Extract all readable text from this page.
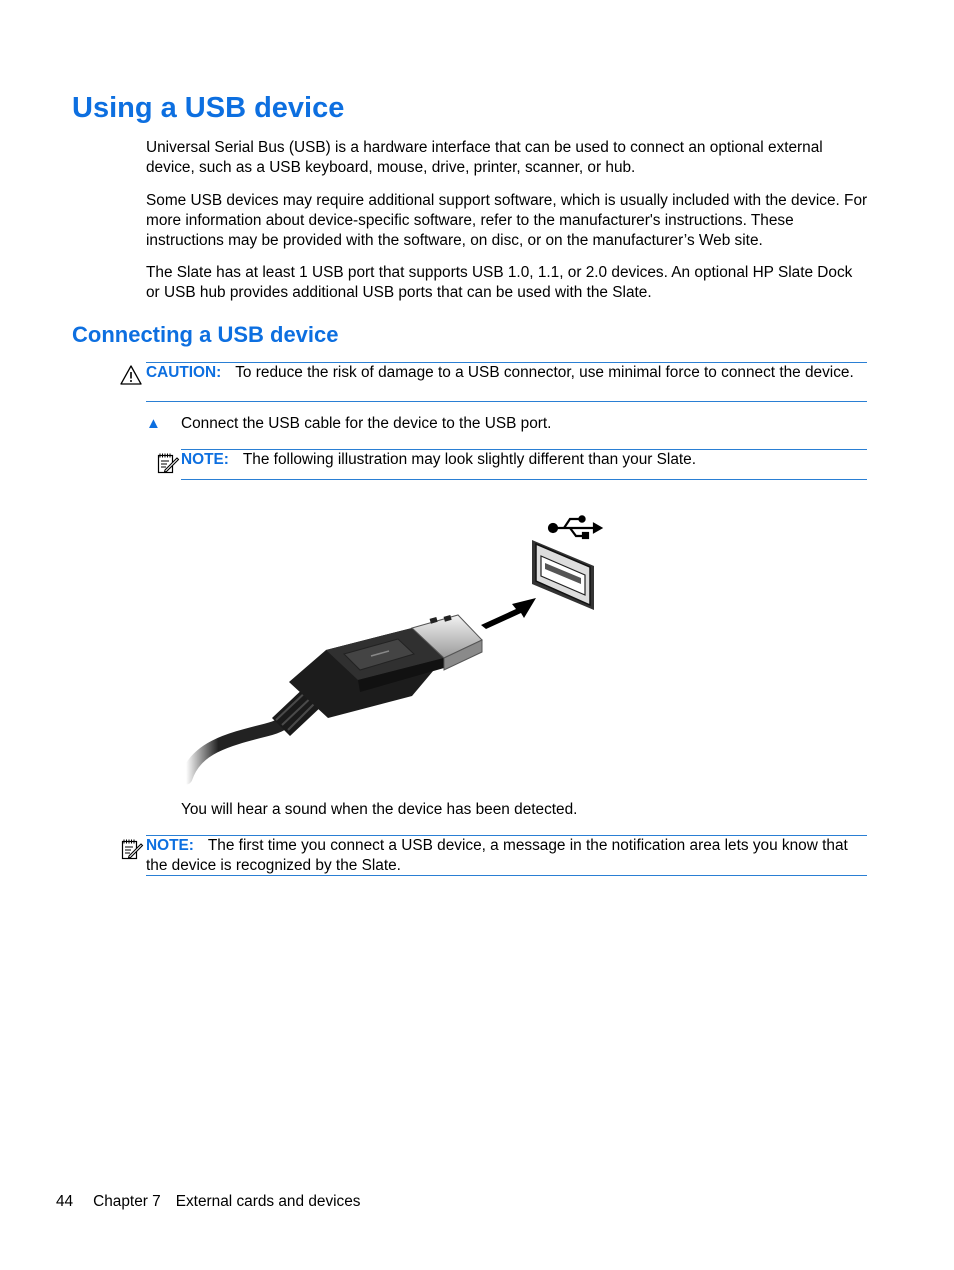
Using a USB device

Universal Serial Bus (USB) is a hardware interface that can be used to connect an optional external device, such as a USB keyboard, mouse, drive, printer, scanner, or hub.

Some USB devices may require additional support software, which is usually included with the device. For more information about device-specific software, refer to the manufacturer's instructions. These instructions may be provided with the software, on disc, or on the manufacturer’s Web site.

The Slate has at least 1 USB port that supports USB 1.0, 1.1, or 2.0 devices. An optional HP Slate Dock or USB hub provides additional USB ports that can be used with the Slate.

Connecting a USB device
CAUTION: To reduce the risk of damage to a USB connector, use minimal force to connect the device.
▲ Connect the USB cable for the device to the USB port.
NOTE: The following illustration may look slightly different than your Slate.
You will hear a sound when the device has been detected.
NOTE: The first time you connect a USB device, a message in the notification area lets you know that the device is recognized by the Slate.
44 Chapter 7 External cards and devices
